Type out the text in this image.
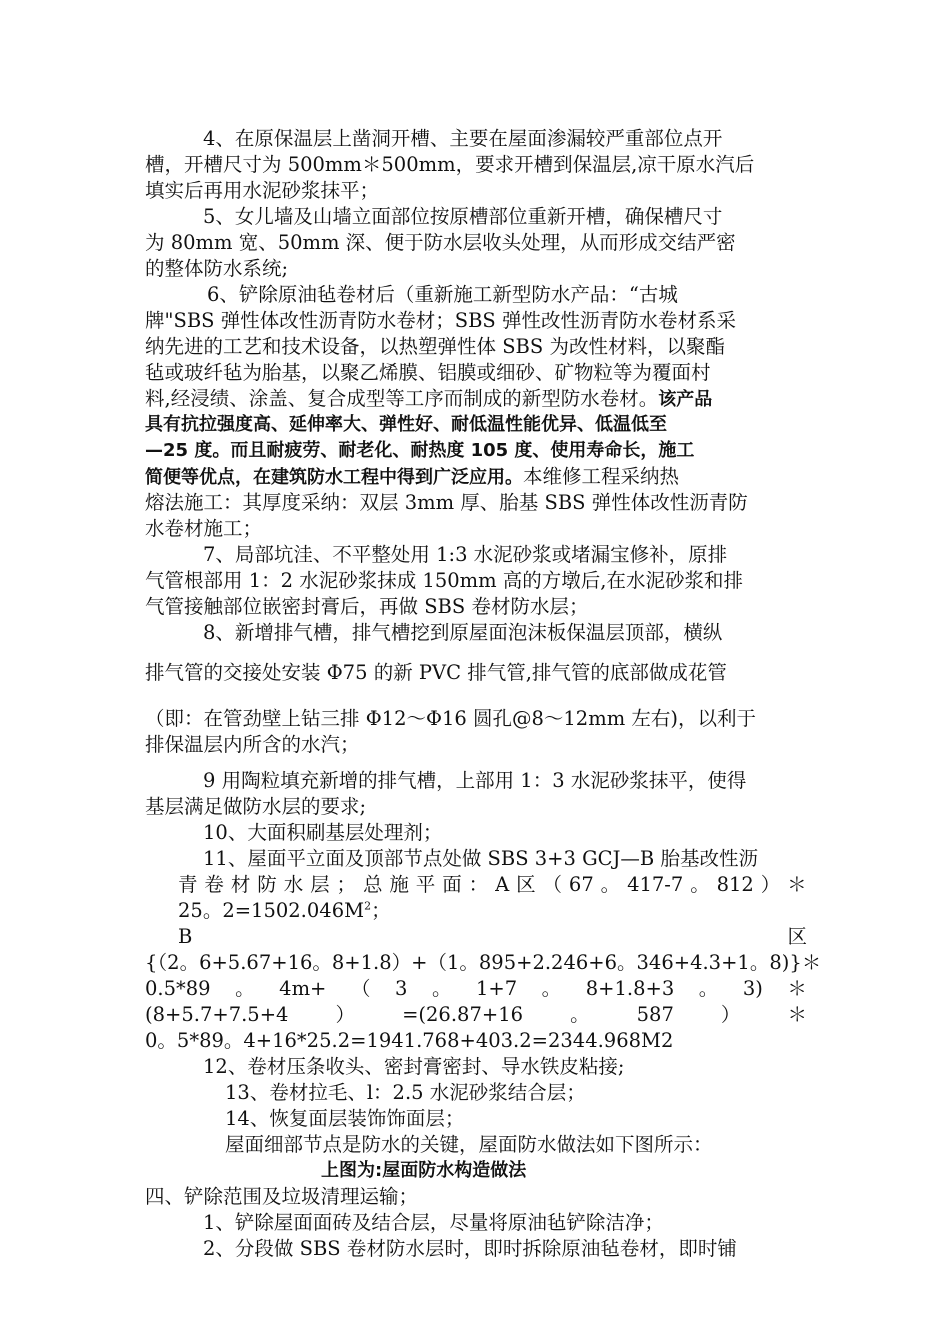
4、在原保温层上凿洞开槽、主要在屋面渗漏较严重部位点开
槽，开槽尺寸为 500mm＊500mm，要求开槽到保温层,凉干原水汽后
填实后再用水泥砂浆抹平；
5、女儿墙及山墙立面部位按原槽部位重新开槽，确保槽尺寸
为 80mm 宽、50mm 深、便于防水层收头处理，从而形成交结严密
的整体防水系统;
6、铲除原油毡卷材后（重新施工新型防水产品：“古城
牌"SBS 弹性体改性沥青防水卷材；SBS 弹性改性沥青防水卷材系采
纳先进的工艺和技术设备，以热塑弹性体 SBS 为改性材料，以聚酯
毡或玻纤毡为胎基，以聚乙烯膜、铝膜或细砂、矿物粒等为覆面村
料,经浸绩、涂盖、复合成型等工序而制成的新型防水卷材。该产品
具有抗拉强度高、延伸率大、弹性好、耐低温性能优异、低温低至
—25 度。而且耐疲劳、耐老化、耐热度 105 度、使用寿命长，施工
简便等优点，在建筑防水工程中得到广泛应用。本维修工程采纳热
熔法施工：其厚度采纳：双层 3mm 厚、胎基 SBS 弹性体改性沥青防
水卷材施工；
7、局部坑洼、不平整处用 1:3 水泥砂浆或堵漏宝修补，原排
气管根部用 1：2 水泥砂浆抹成 150mm 高的方墩后,在水泥砂浆和排
气管接触部位嵌密封膏后，再做 SBS 卷材防水层；
8、新增排气槽，排气槽挖到原屋面泡沫板保温层顶部，横纵
排气管的交接处安装 Φ75 的新 PVC 排气管,排气管的底部做成花管
（即：在管劲壁上钻三排 Φ12～Φ16 圆孔@8～12mm 左右)，以利于
排保温层内所含的水汽；
9 用陶粒填充新增的排气槽，上部用 1：3 水泥砂浆抹平，使得
基层满足做防水层的要求;
10、大面积刷基层处理剂；
11、屋面平立面及顶部节点处做 SBS 3+3 GCJ—B 胎基改性沥
青 卷 材 防 水 层 ； 总 施 平 面 ： A 区 （ 67 。 417-7 。 812 ） ＊
25。$2=1502.046M^2$；
B	区
{（2。6+5.67+16。8+1.8）+（1。895+2.246+6。346+4.3+1。8)}＊
0.5*89 。 4m+ （ 3 。 1+7 。 8+1.8+3 。 3) ＊
(8+5.7+7.5+4 ） =(26.87+16 。 587 ） ＊
0。5*89。4+16*25.2=1941.768+403.2=2344.968M2
12、卷材压条收头、密封膏密封、导水铁皮粘接;
13、卷材拉毛、l：2.5 水泥砂浆结合层；
14、恢复面层装饰饰面层；
屋面细部节点是防水的关键，屋面防水做法如下图所示：
上图为:屋面防水构造做法
四、铲除范围及垃圾清理运输；
1、铲除屋面面砖及结合层，尽量将原油毡铲除洁净；
2、分段做 SBS 卷材防水层时，即时拆除原油毡卷材，即时铺
